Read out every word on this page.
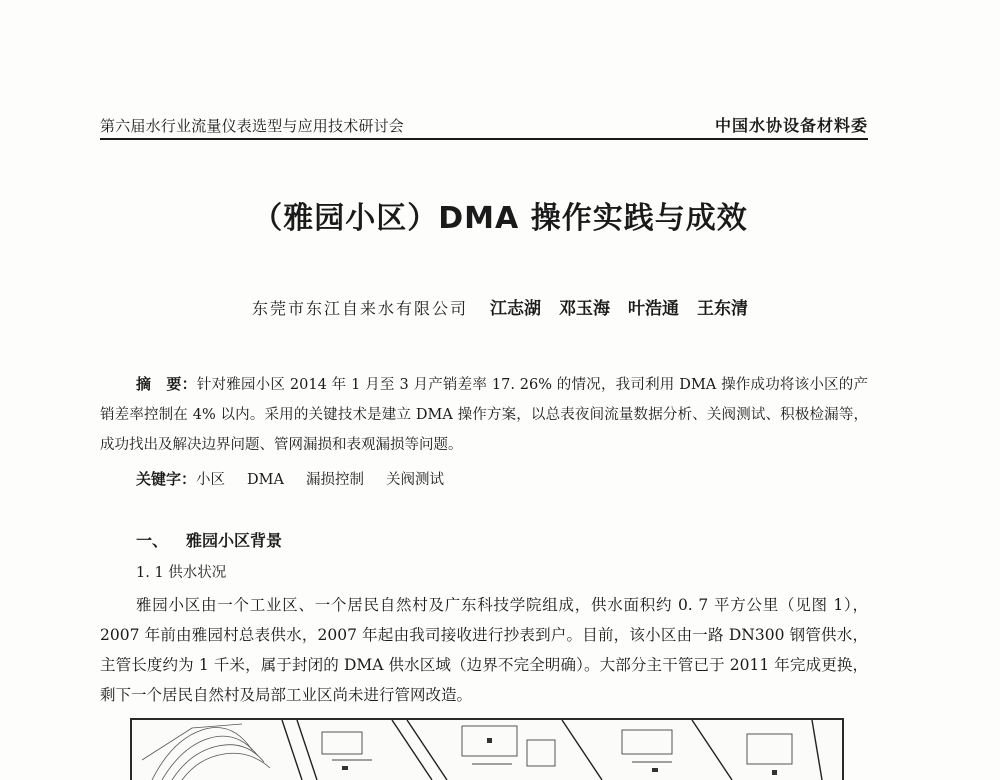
第六届水行业流量仪表选型与应用技术研讨会	中国水协设备材料委
（雅园小区）DMA 操作实践与成效
东莞市东江自来水有限公司 江志湖 邓玉海 叶浩通 王东清
摘　要：针对雅园小区 2014 年 1 月至 3 月产销差率 17. 26% 的情况，我司利用 DMA 操作成功将该小区的产销差率控制在 4% 以内。采用的关键技术是建立 DMA 操作方案，以总表夜间流量数据分析、关阀测试、积极检漏等，成功找出及解决边界问题、管网漏损和表观漏损等问题。
关键字：小区 DMA 漏损控制 关阀测试
一、 雅园小区背景
1. 1 供水状况
雅园小区由一个工业区、一个居民自然村及广东科技学院组成，供水面积约 0. 7 平方公里（见图 1），2007 年前由雅园村总表供水，2007 年起由我司接收进行抄表到户。目前，该小区由一路 DN300 钢管供水，主管长度约为 1 千米，属于封闭的 DMA 供水区域（边界不完全明确）。大部分主干管已于 2011 年完成更换，剩下一个居民自然村及局部工业区尚未进行管网改造。
